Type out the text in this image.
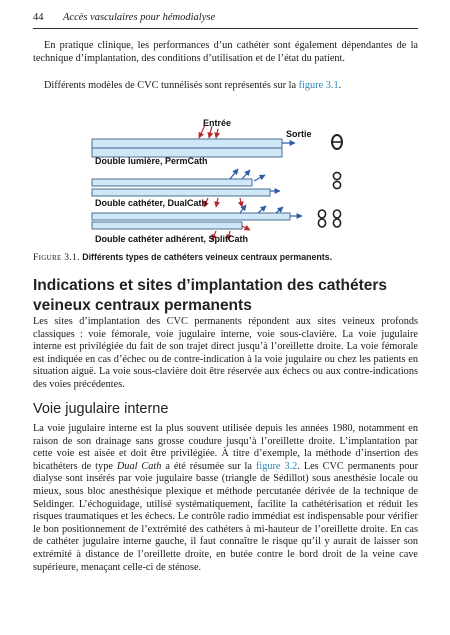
44 Accès vasculaires pour hémodialyse

En pratique clinique, les performances d’un cathéter sont également dépendantes de la technique d’implantation, des conditions d’utilisation et de l’état du patient.

Différents modèles de CVC tunnélisés sont représentés sur la figure 3.1.

Entrée
Sortie
Double lumière, PermCath
Double cathéter, DualCath
Double cathéter adhérent, SplitCath
Figure 3.1. Différents types de cathéters veineux centraux permanents.
Indications et sites d’implantation des cathéters veineux centraux permanents

Les sites d’implantation des CVC permanents répondent aux sites veineux profonds classiques : voie fémorale, voie jugulaire interne, voie sous-clavière. La voie jugulaire interne est privilégiée du fait de son trajet direct jusqu’à l’oreillette droite. La voie fémorale est indiquée en cas d’échec ou de contre-indication à la voie jugulaire ou chez les patients en situation aiguë. La voie sous-clavière doit être réservée aux échecs ou aux contre-indications des voies précédentes.

Voie jugulaire interne

La voie jugulaire interne est la plus souvent utilisée depuis les années 1980, notamment en raison de son drainage sans grosse coudure jusqu’à l’oreillette droite. L’implantation par cette voie est aisée et doit être privilégiée. À titre d’exemple, la méthode d’insertion des bicathéters de type Dual Cath a été résumée sur la figure 3.2. Les CVC permanents pour dialyse sont insérés par voie jugulaire basse (triangle de Sédillot) sous anesthésie locale ou mieux, sous bloc anesthésique plexique et méthode percutanée dérivée de la technique de Seldinger. L’échoguidage, utilisé systématiquement, facilite la cathétérisation et réduit les risques traumatiques et les échecs. Le contrôle radio immédiat est indispensable pour vérifier le bon positionnement de l’extrémité des cathéters à mi-hauteur de l’oreillette droite. En cas de cathéter jugulaire interne gauche, il faut connaître le risque qu’il y aurait de laisser son extrémité à distance de l’oreillette droite, en butée contre le bord droit de la veine cave supérieure, menaçant celle-ci de sténose.
